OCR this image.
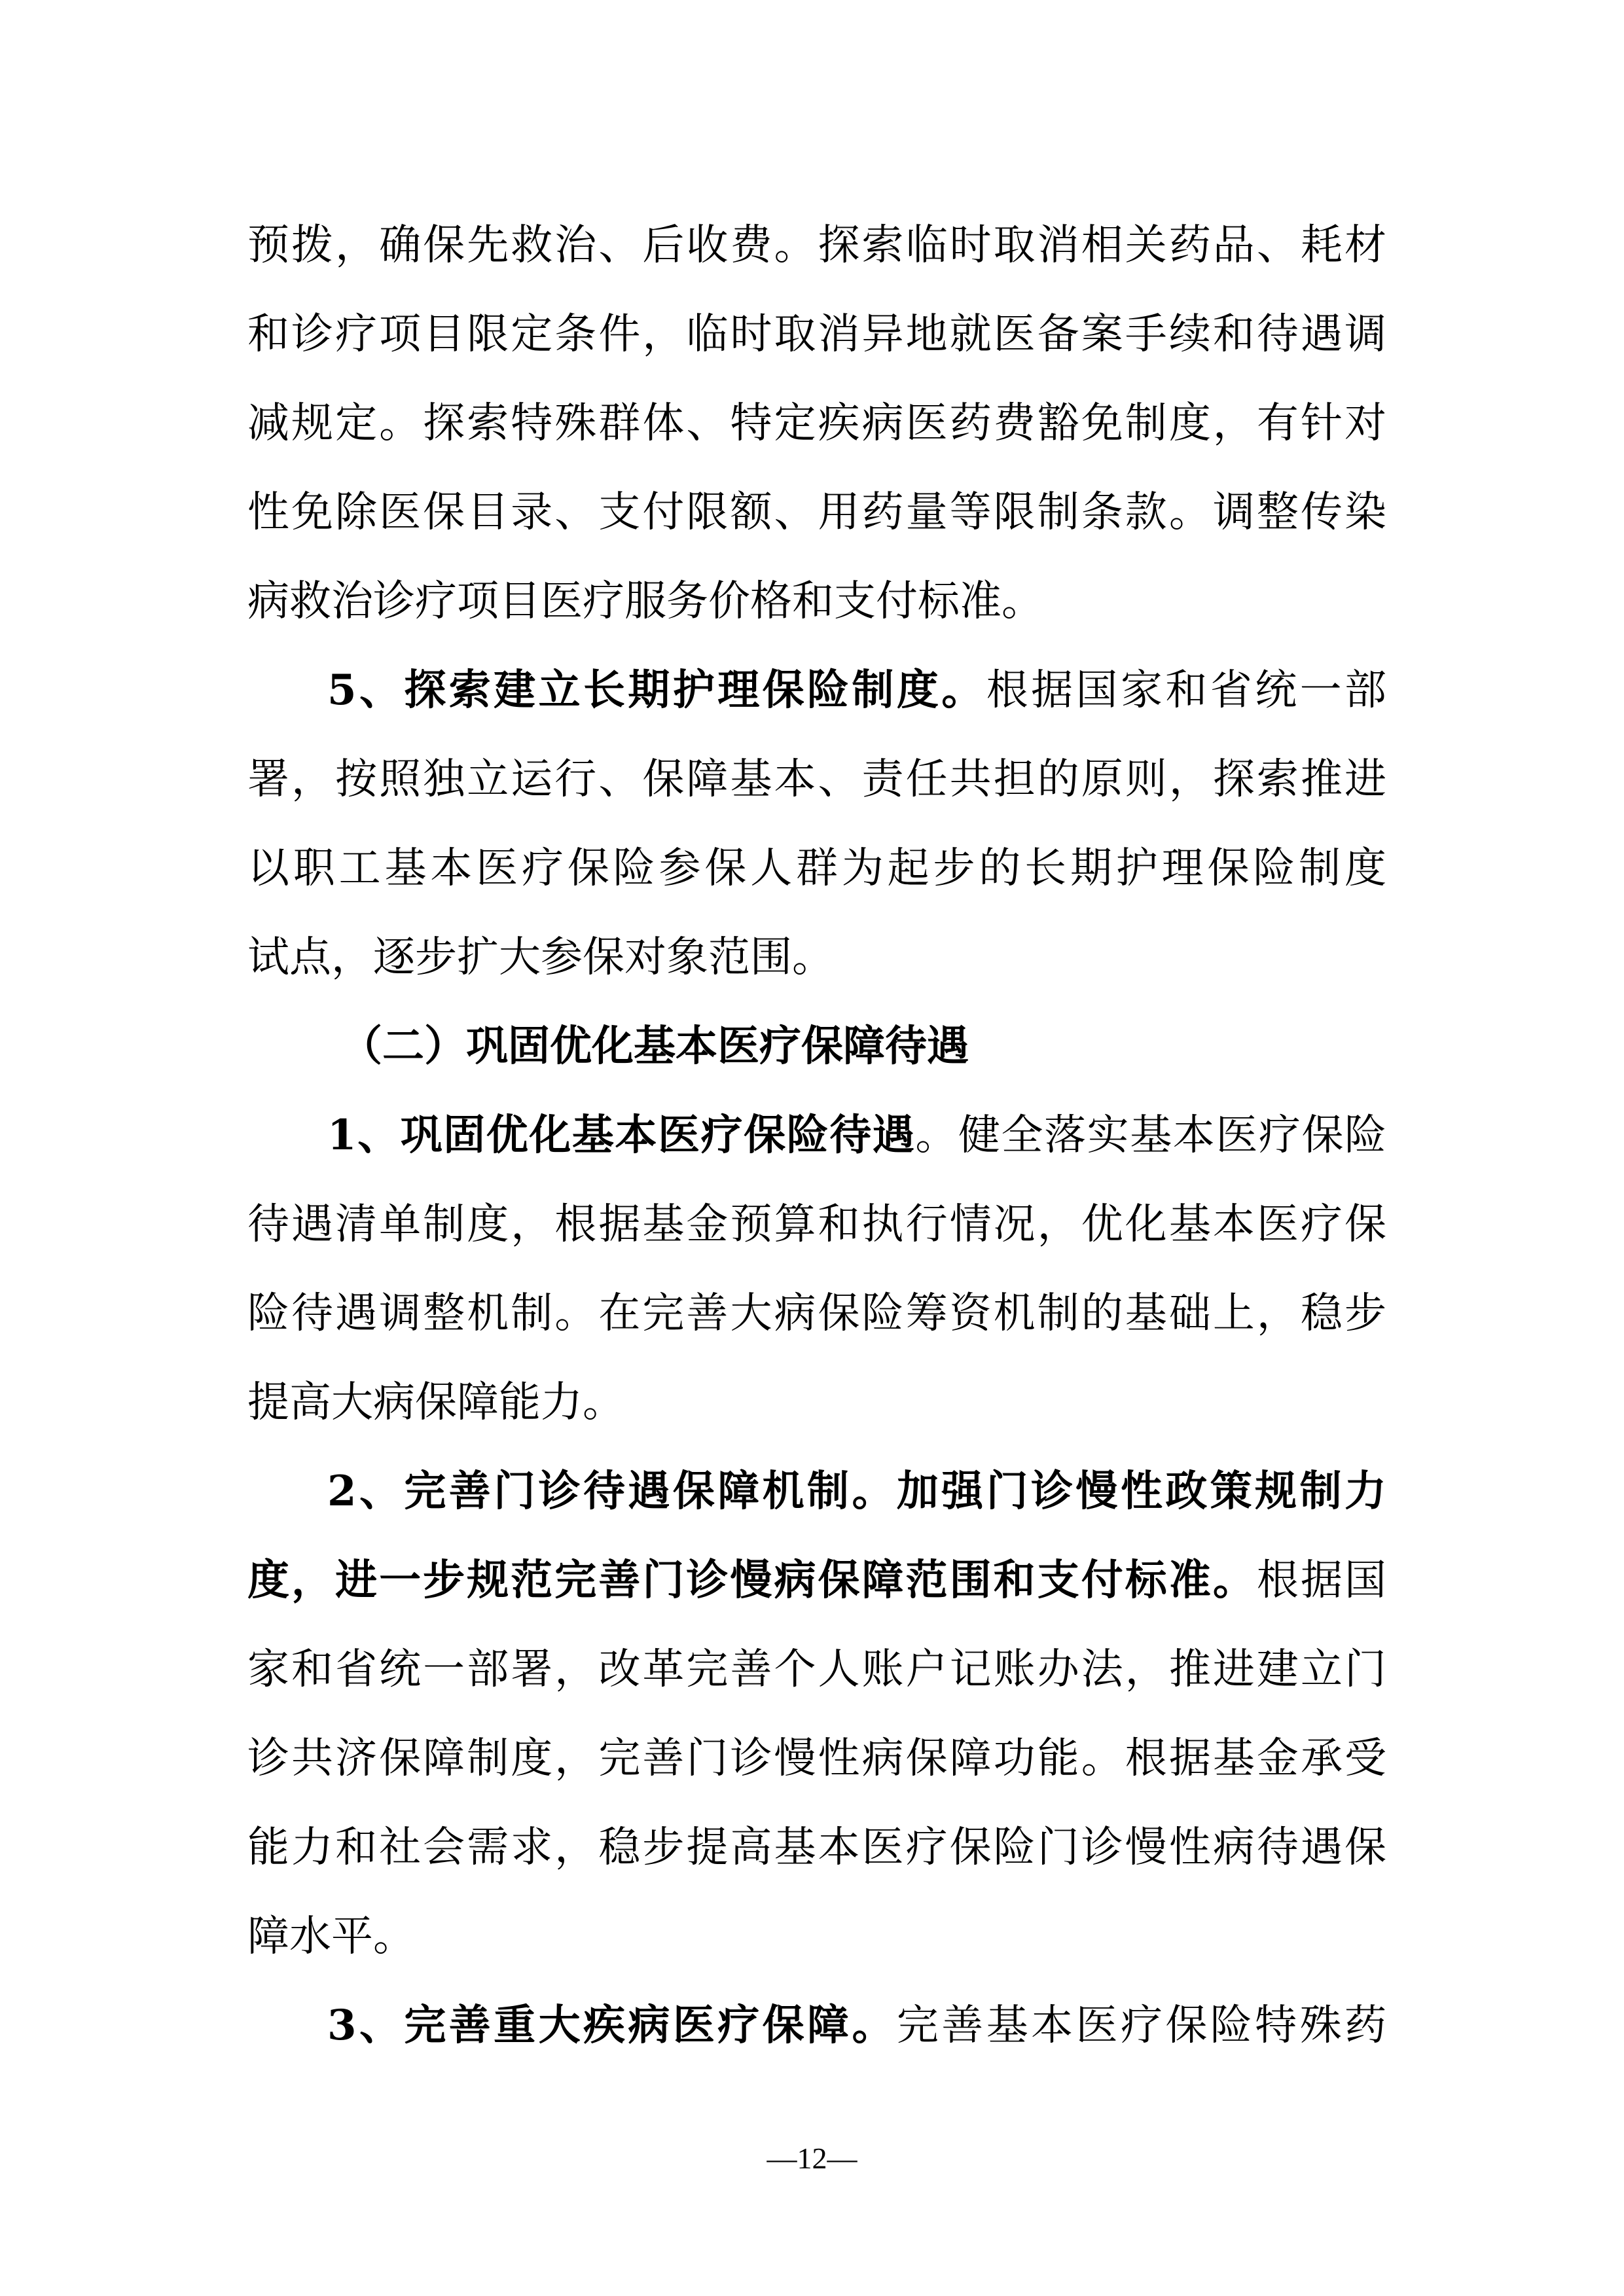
预拨，确保先救治、后收费。探索临时取消相关药品、耗材
和诊疗项目限定条件，临时取消异地就医备案手续和待遇调
减规定。探索特殊群体、特定疾病医药费豁免制度，有针对
性免除医保目录、支付限额、用药量等限制条款。调整传染
病救治诊疗项目医疗服务价格和支付标准。
5、探索建立长期护理保险制度。根据国家和省统一部
署，按照独立运行、保障基本、责任共担的原则，探索推进
以职工基本医疗保险参保人群为起步的长期护理保险制度
试点，逐步扩大参保对象范围。
（二）巩固优化基本医疗保障待遇
1、巩固优化基本医疗保险待遇。健全落实基本医疗保险
待遇清单制度，根据基金预算和执行情况，优化基本医疗保
险待遇调整机制。在完善大病保险筹资机制的基础上，稳步
提高大病保障能力。
2、完善门诊待遇保障机制。加强门诊慢性政策规制力
度，进一步规范完善门诊慢病保障范围和支付标准。根据国
家和省统一部署，改革完善个人账户记账办法，推进建立门
诊共济保障制度，完善门诊慢性病保障功能。根据基金承受
能力和社会需求，稳步提高基本医疗保险门诊慢性病待遇保
障水平。
3、完善重大疾病医疗保障。完善基本医疗保险特殊药
—12—
